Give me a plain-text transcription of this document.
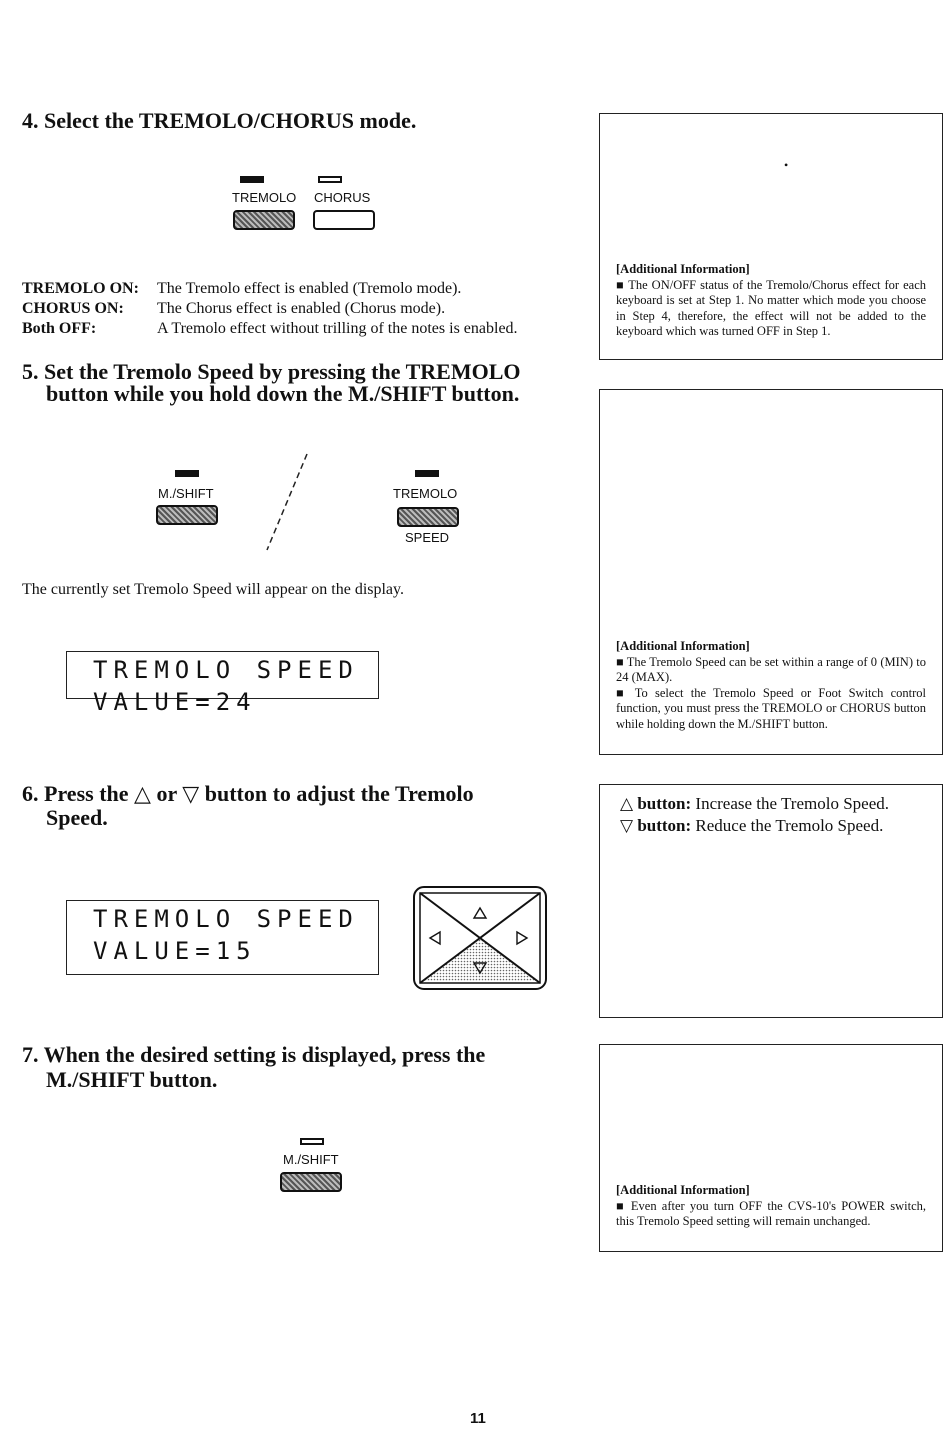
4. Select the TREMOLO/CHORUS mode.
TREMOLO CHORUS
TREMOLO ON: The Tremolo effect is enabled (Tremolo mode).
CHORUS ON: The Chorus effect is enabled (Chorus mode).
Both OFF:	A Tremolo effect without trilling of the notes is enabled.
•
[Additional Information]
■ The ON/OFF status of the Tremolo/Chorus effect for each keyboard is set at Step 1. No matter which mode you choose in Step 4, therefore, the effect will not be added to the keyboard which was turned OFF in Step 1.
5. Set the Tremolo Speed by pressing the TREMOLO
button while you hold down the M./SHIFT button.
M./SHIFT	TREMOLO
SPEED
The currently set Tremolo Speed will appear on the display.
TREMOLO SPEED
VALUE=24
[Additional Information]
■ The Tremolo Speed can be set within a range of 0 (MIN) to 24 (MAX).
■ To select the Tremolo Speed or Foot Switch control function, you must press the TREMOLO or CHORUS button while holding down the M./SHIFT button.
6. Press the △ or ▽ button to adjust the Tremolo
Speed.
TREMOLO SPEED
VALUE=15
△ button: Increase the Tremolo Speed.
▽ button: Reduce the Tremolo Speed.
7. When the desired setting is displayed, press the
M./SHIFT button.
M./SHIFT
[Additional Information]
■ Even after you turn OFF the CVS-10's POWER switch, this Tremolo Speed setting will remain unchanged.
11
